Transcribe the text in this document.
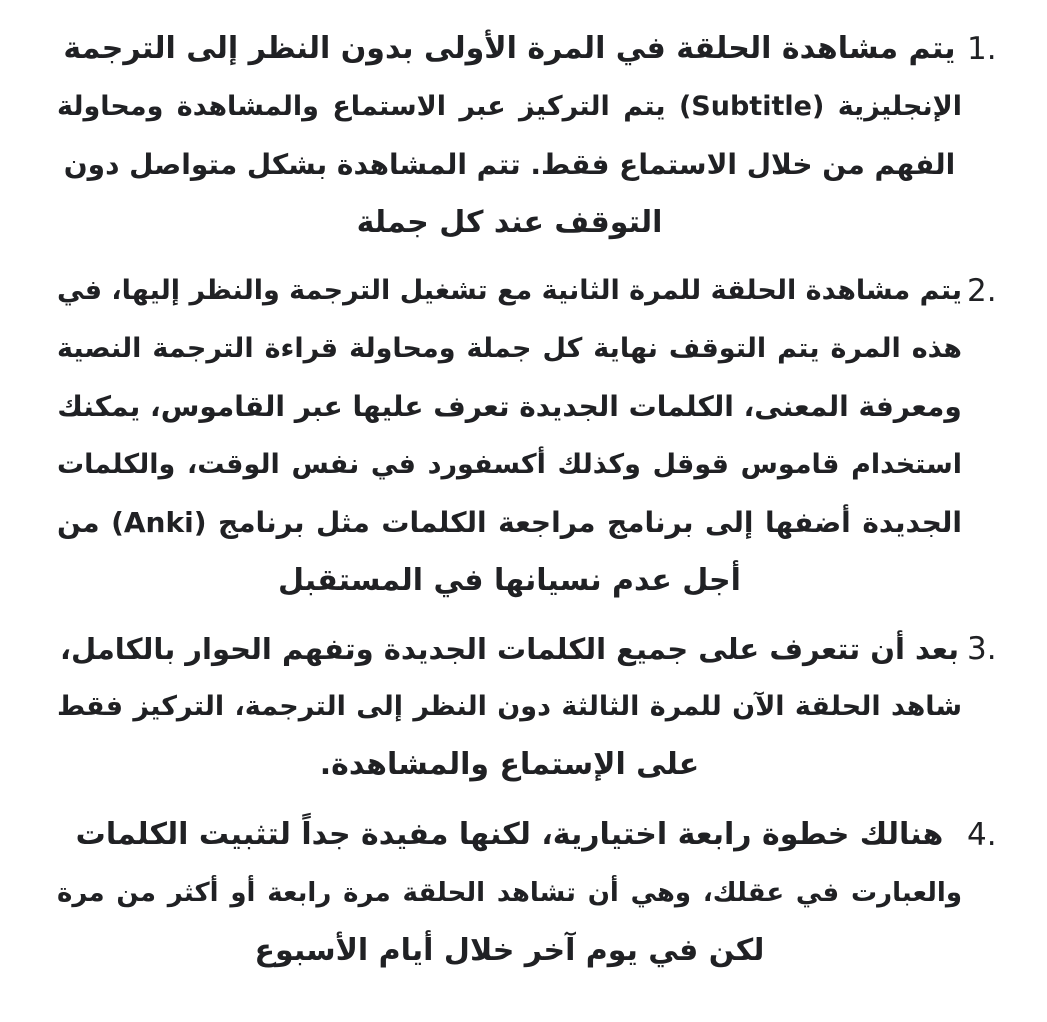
1.
يتم مشاهدة الحلقة في المرة الأولى بدون النظر إلى الترجمة
الإنجليزية (Subtitle) يتم التركيز عبر الاستماع والمشاهدة ومحاولة
الفهم من خلال الاستماع فقط. تتم المشاهدة بشكل متواصل دون
التوقف عند كل جملة
2.
يتم مشاهدة الحلقة للمرة الثانية مع تشغيل الترجمة والنظر إليها، في
هذه المرة يتم التوقف نهاية كل جملة ومحاولة قراءة الترجمة النصية
ومعرفة المعنى، الكلمات الجديدة تعرف عليها عبر القاموس، يمكنك
استخدام قاموس قوقل وكذلك أكسفورد في نفس الوقت، والكلمات
الجديدة أضفها إلى برنامج مراجعة الكلمات مثل برنامج (Anki) من
أجل عدم نسيانها في المستقبل
3.
بعد أن تتعرف على جميع الكلمات الجديدة وتفهم الحوار بالكامل،
شاهد الحلقة الآن للمرة الثالثة دون النظر إلى الترجمة، التركيز فقط
على الإستماع والمشاهدة.
4.
هنالك خطوة رابعة اختيارية، لكنها مفيدة جداً لتثبيت الكلمات
والعبارت في عقلك، وهي أن تشاهد الحلقة مرة رابعة أو أكثر من مرة
لكن في يوم آخر خلال أيام الأسبوع
